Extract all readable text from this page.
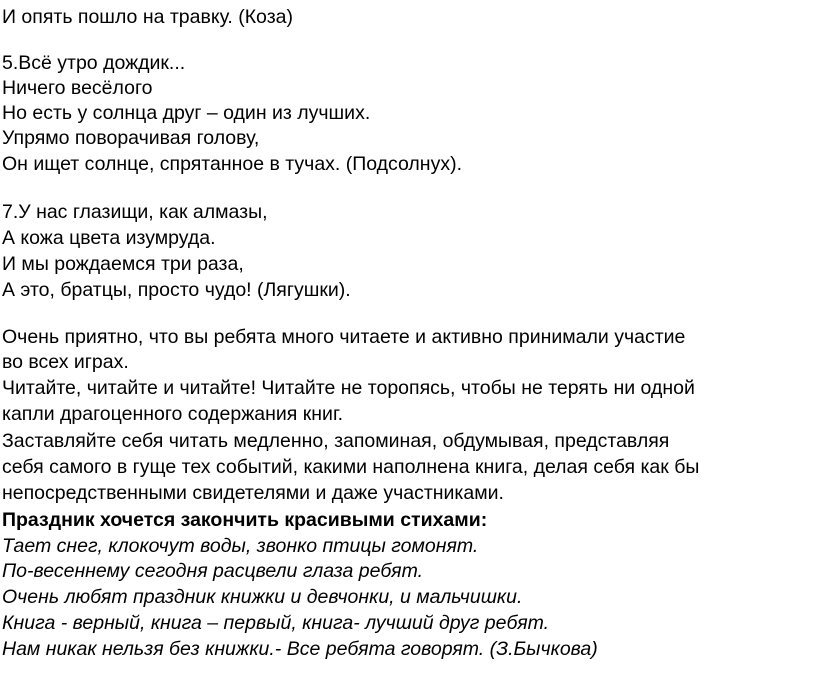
И опять пошло на травку. (Коза)
5.Всё утро дождик...
Ничего весёлого
Но есть у солнца друг – один из лучших.
Упрямо поворачивая голову,
Он ищет солнце, спрятанное в тучах. (Подсолнух).
7.У нас глазищи, как алмазы,
А кожа цвета изумруда.
И мы рождаемся три раза,
А это, братцы, просто чудо! (Лягушки).
Очень приятно, что вы ребята много читаете и активно принимали участие
во всех играх.
Читайте, читайте и читайте! Читайте не торопясь, чтобы не терять ни одной
капли драгоценного содержания книг.
Заставляйте себя читать медленно, запоминая, обдумывая, представляя
себя самого в гуще тех событий, какими наполнена книга, делая себя как бы
непосредственными свидетелями и даже участниками.
Праздник хочется закончить красивыми стихами:
Тает снег, клокочут воды, звонко птицы гомонят.
По-весеннему сегодня расцвели глаза ребят.
Очень любят праздник книжки и девчонки, и мальчишки.
Книга - верный, книга – первый, книга- лучший друг ребят.
Нам никак нельзя без книжки.- Все ребята говорят. (З.Бычкова)
